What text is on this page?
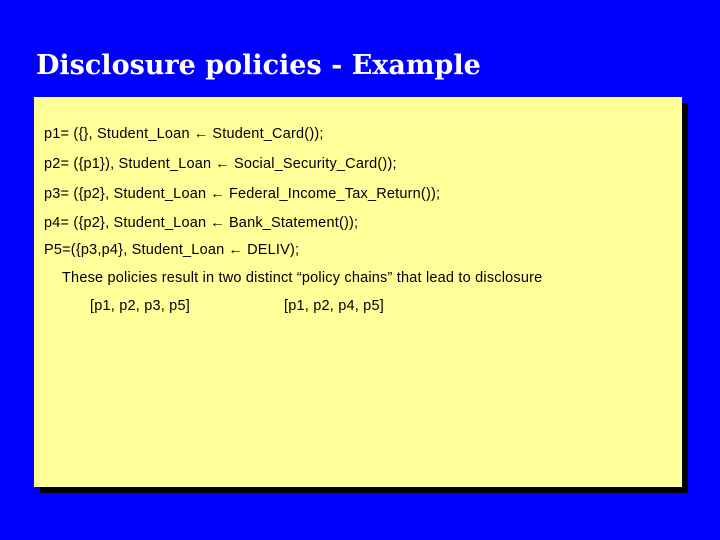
Disclosure policies - Example
p1= ({}, Student_Loan ← Student_Card());
p2= ({p1}), Student_Loan ← Social_Security_Card());
p3= ({p2}, Student_Loan ← Federal_Income_Tax_Return());
p4= ({p2}, Student_Loan ← Bank_Statement());
P5=({p3,p4}, Student_Loan ← DELIV);
These policies result in two distinct “policy chains” that lead to disclosure
[p1, p2, p3, p5]	[p1, p2, p4, p5]
